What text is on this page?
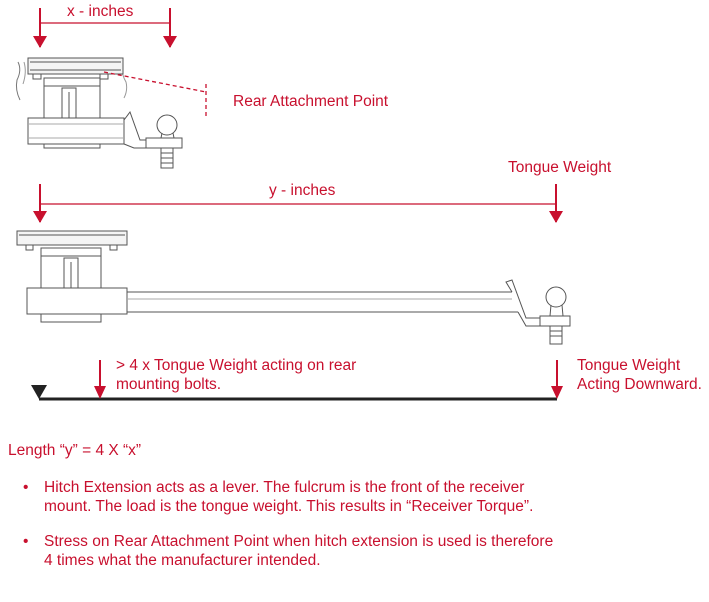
x - inches
Rear Attachment Point
Tongue Weight
y - inches
> 4 x Tongue Weight acting on rear
mounting bolts.
Tongue Weight
Acting Downward.
Length “y” = 4 X “x”
• Hitch Extension acts as a lever. The fulcrum is the front of the receiver
mount. The load is the tongue weight. This results in “Receiver Torque”.
• Stress on Rear Attachment Point when hitch extension is used is therefore
4 times what the manufacturer intended.
